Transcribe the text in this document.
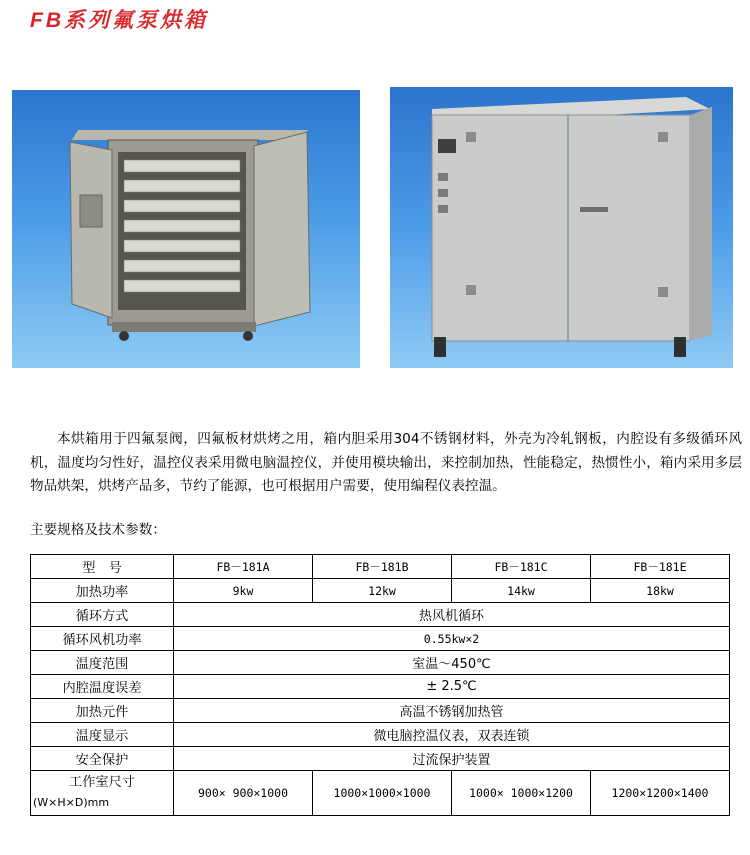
FB系列氟泵烘箱
本烘箱用于四氟泵阀，四氟板材烘烤之用，箱内胆采用304不锈钢材料，外壳为冷轧钢板，内腔设有多级循环风机，温度均匀性好，温控仪表采用微电脑温控仪，并使用模块输出，来控制加热，性能稳定，热惯性小，箱内采用多层物品烘架，烘烤产品多，节约了能源，也可根据用户需要，使用编程仪表控温。
主要规格及技术参数：
型　号	FB－181A	FB－181B	FB－181C	FB－181E
加热功率	9kw	12kw	14kw	18kw
循环方式	热风机循环			
循环风机功率	0.55kw×2			
温度范围	室温～450℃			
内腔温度误差	± 2.5℃			
加热元件	高温不锈钢加热管			
温度显示	微电脑控温仪表，双表连锁			
安全保护	过流保护装置			

工作室尺寸
(W×H×D)mm	900× 900×1000	1000×1000×1000	1000× 1000×1200	1200×1200×1400
